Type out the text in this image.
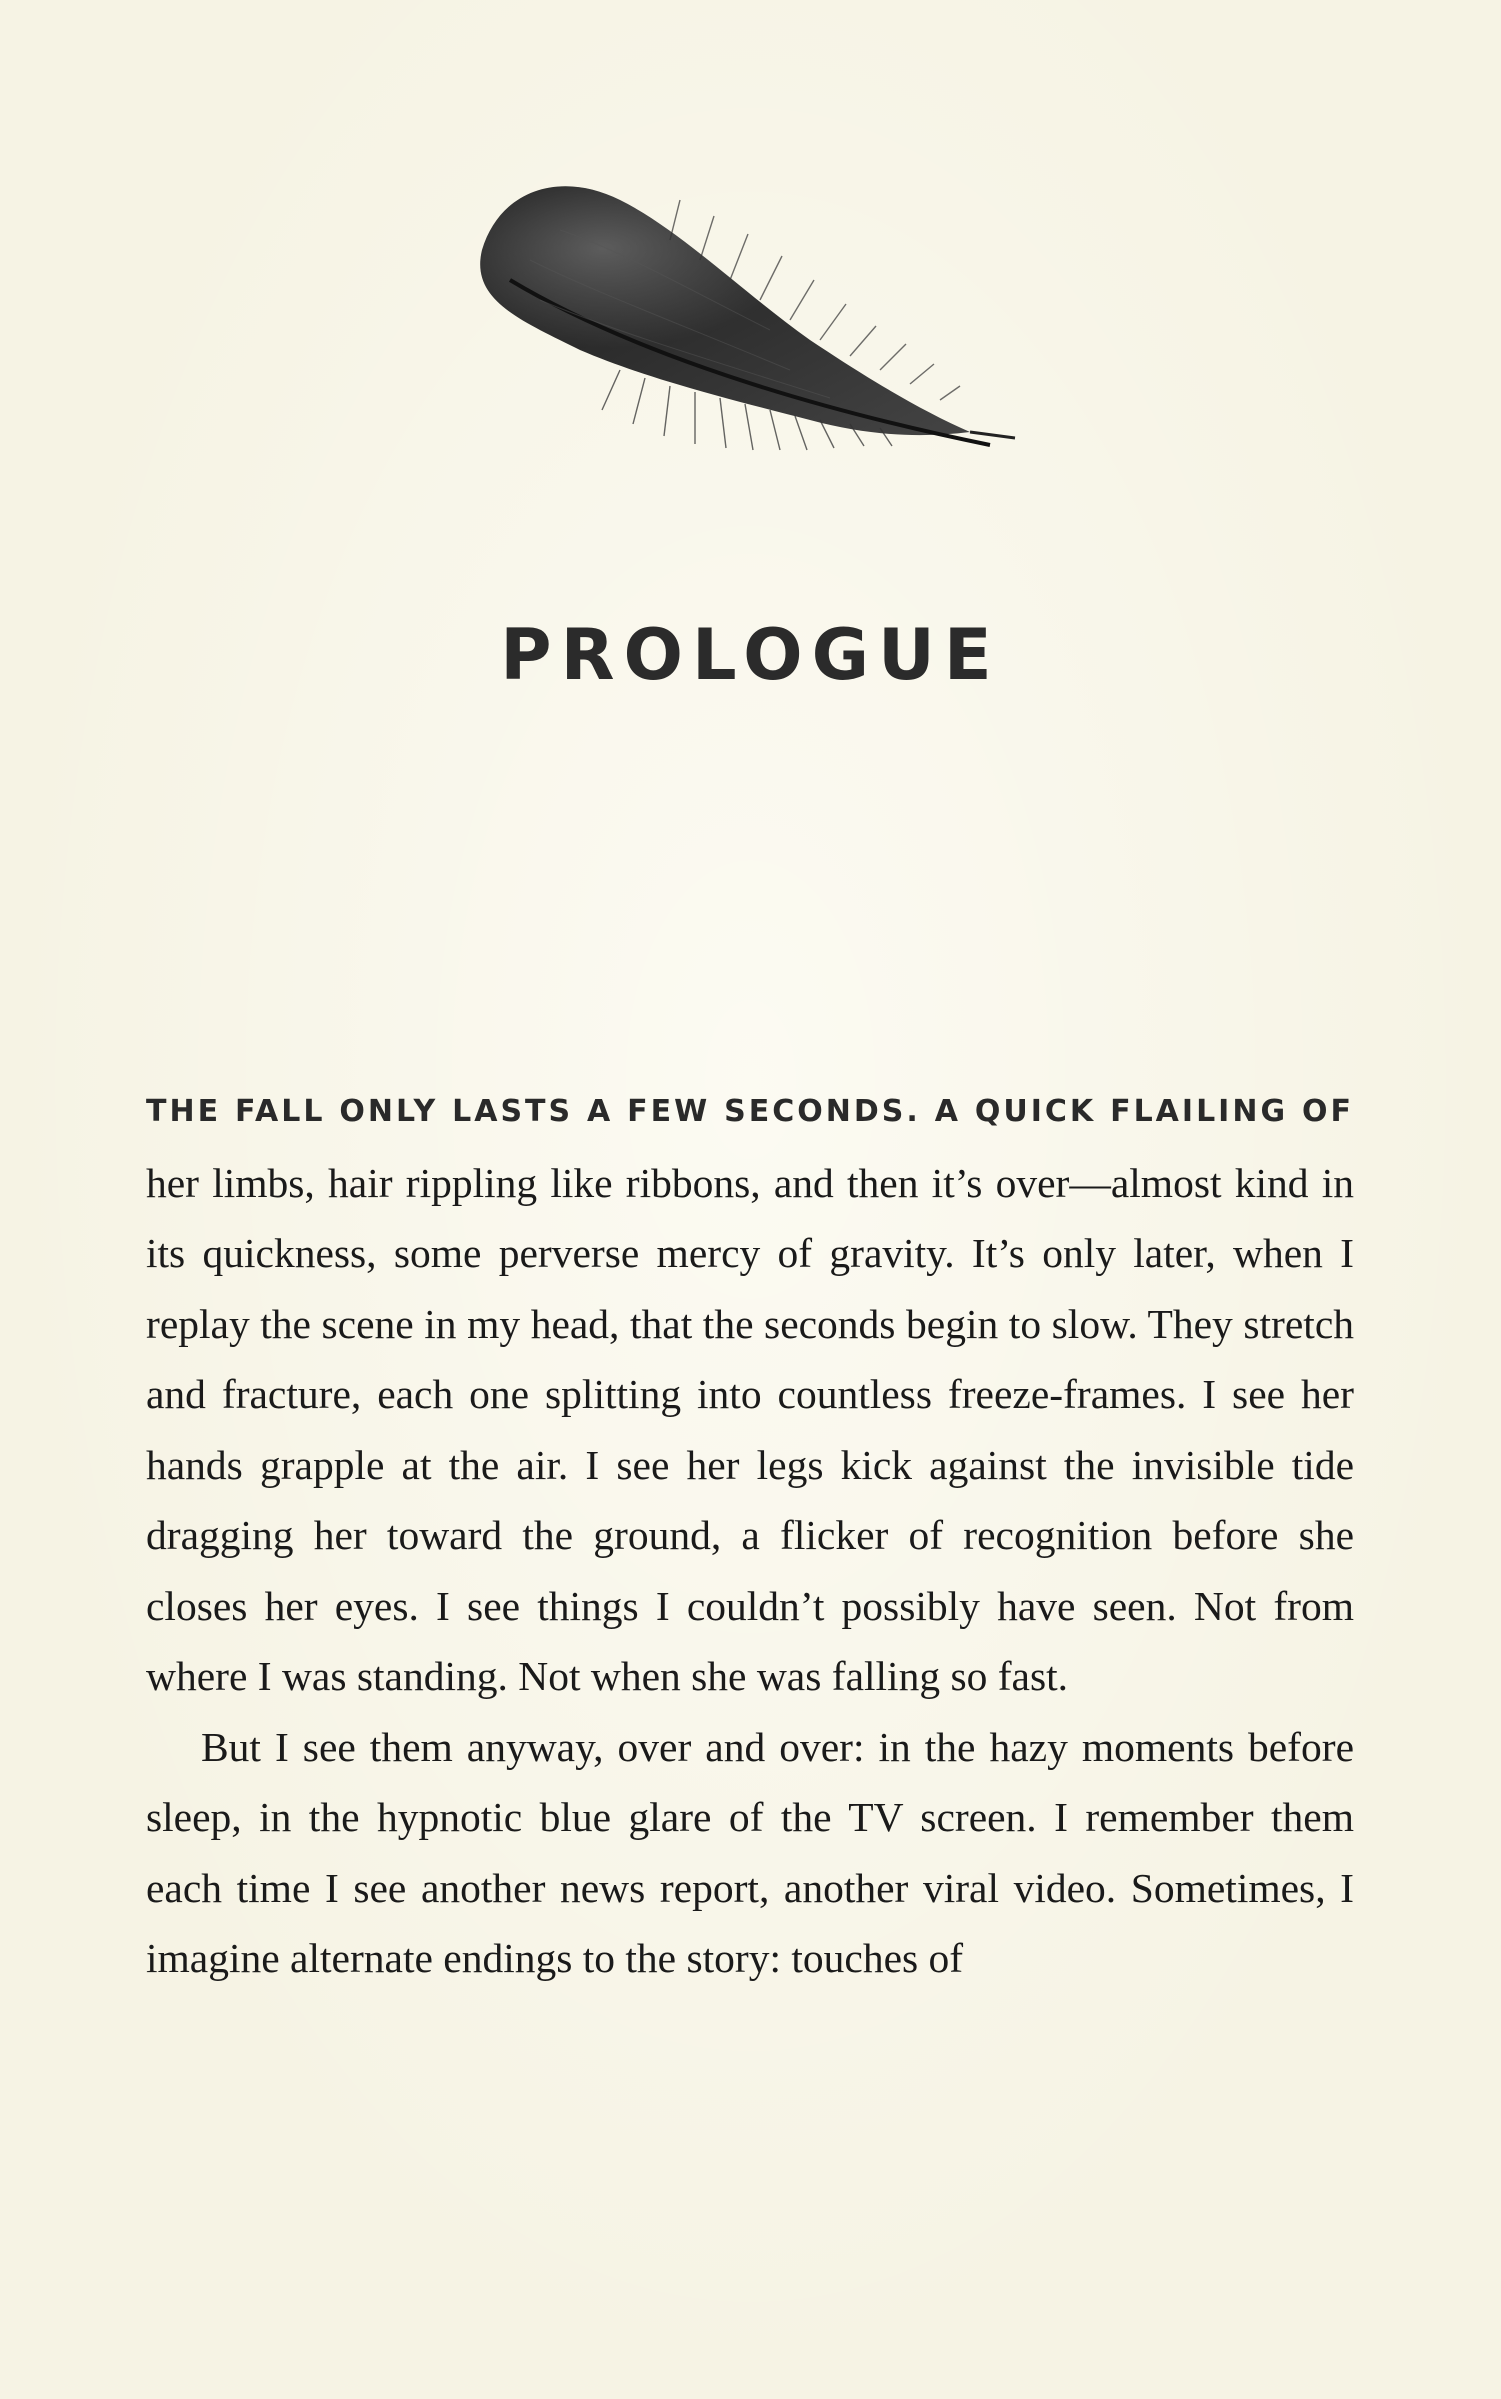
PROLOGUE

THE FALL ONLY LASTS A FEW SECONDS. A QUICK FLAILING OF her limbs, hair rippling like ribbons, and then it’s over—almost kind in its quickness, some perverse mercy of gravity. It’s only later, when I replay the scene in my head, that the seconds begin to slow. They stretch and fracture, each one splitting into countless freeze-frames. I see her hands grapple at the air. I see her legs kick against the invisible tide dragging her toward the ground, a flicker of recognition before she closes her eyes. I see things I couldn’t possibly have seen. Not from where I was standing. Not when she was falling so fast.

But I see them anyway, over and over: in the hazy moments before sleep, in the hypnotic blue glare of the TV screen. I remember them each time I see another news report, another viral video. Sometimes, I imagine alternate endings to the story: touches of
